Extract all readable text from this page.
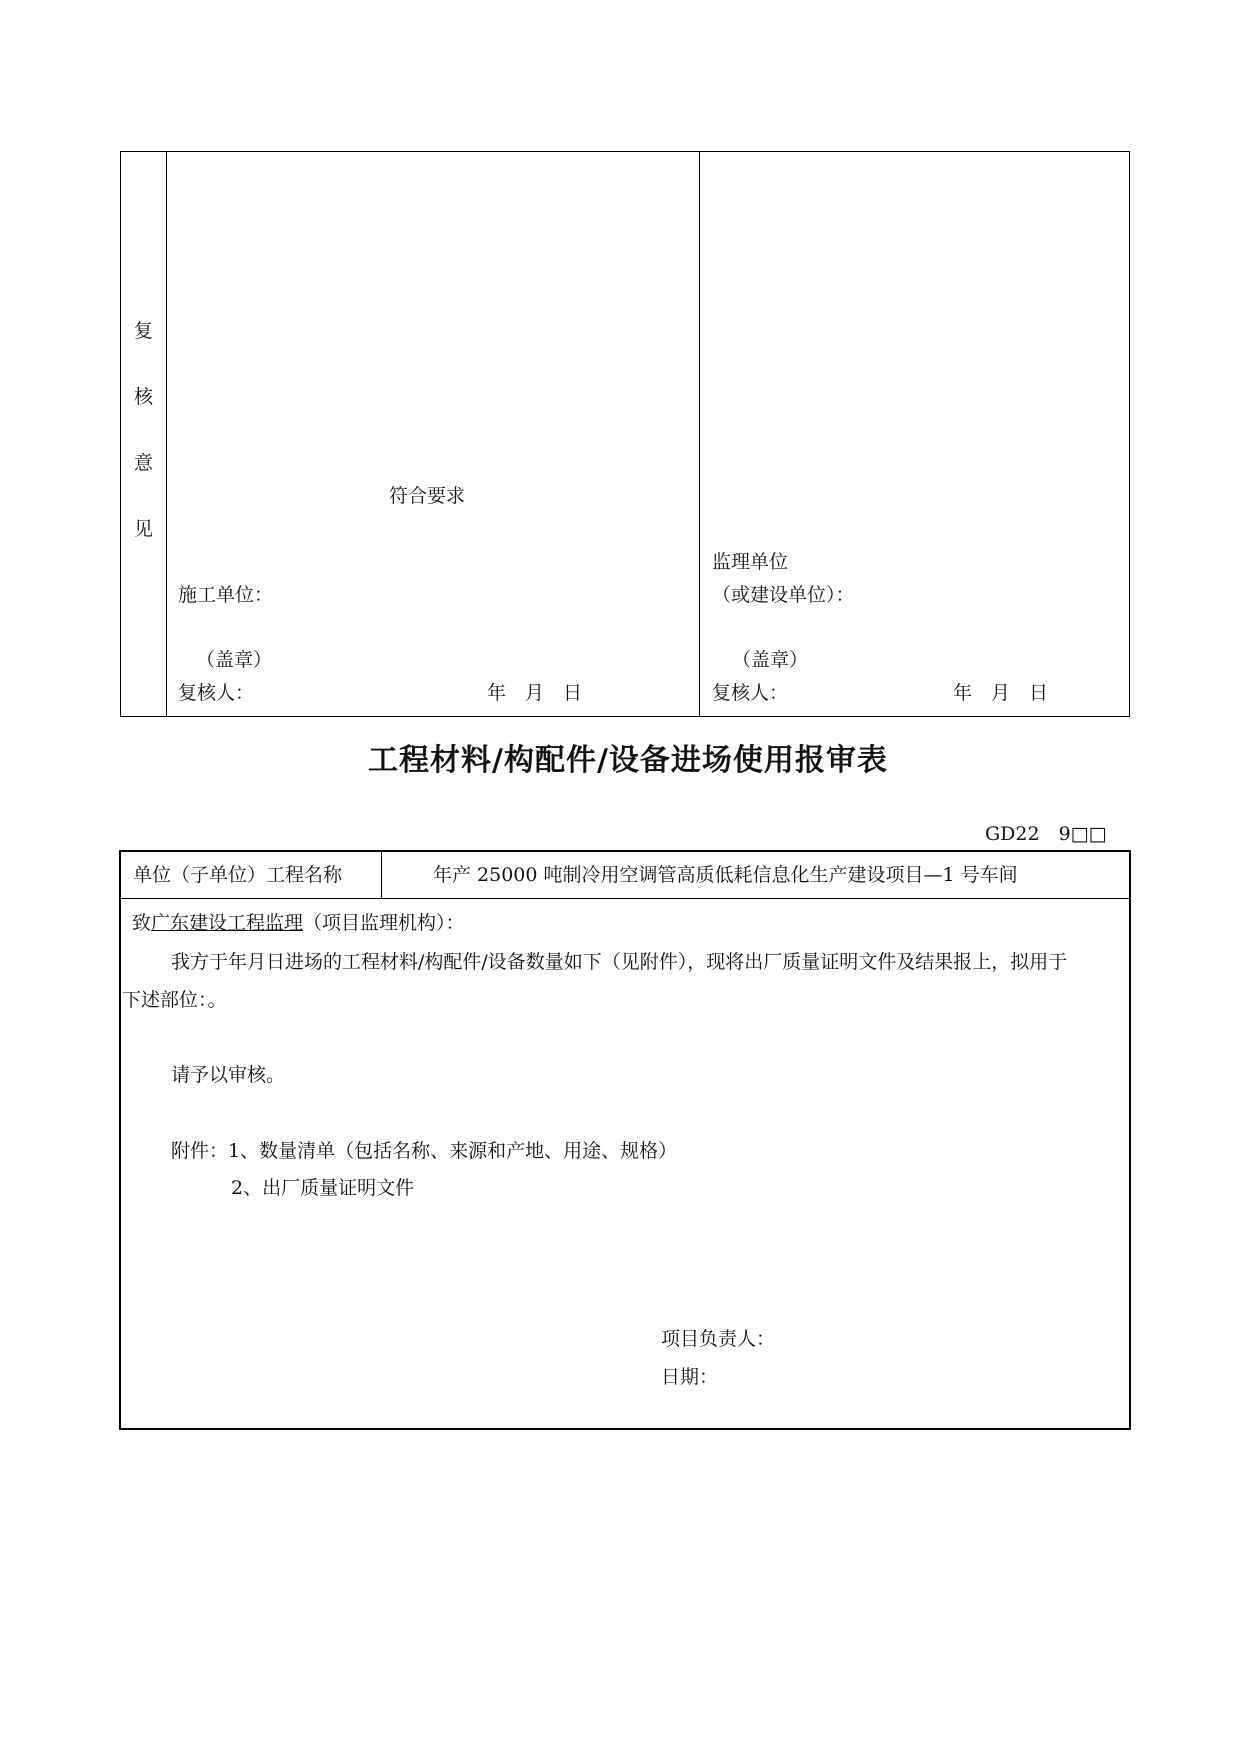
复
核
意
见
符合要求
施工单位：
（盖章）
复核人：	年　月　日
监理单位
（或建设单位）：
（盖章）
复核人：	年　月　日
工程材料/构配件/设备进场使用报审表
GD22　9□□
单位（子单位）工程名称	年产 25000 吨制冷用空调管高质低耗信息化生产建设项目—1 号车间
致广东建设工程监理（项目监理机构）：
我方于年月日进场的工程材料/构配件/设备数量如下（见附件），现将出厂质量证明文件及结果报上，拟用于
下述部位：。
请予以审核。
附件：1、数量清单（包括名称、来源和产地、用途、规格）
2、出厂质量证明文件
项目负责人：
日期：
